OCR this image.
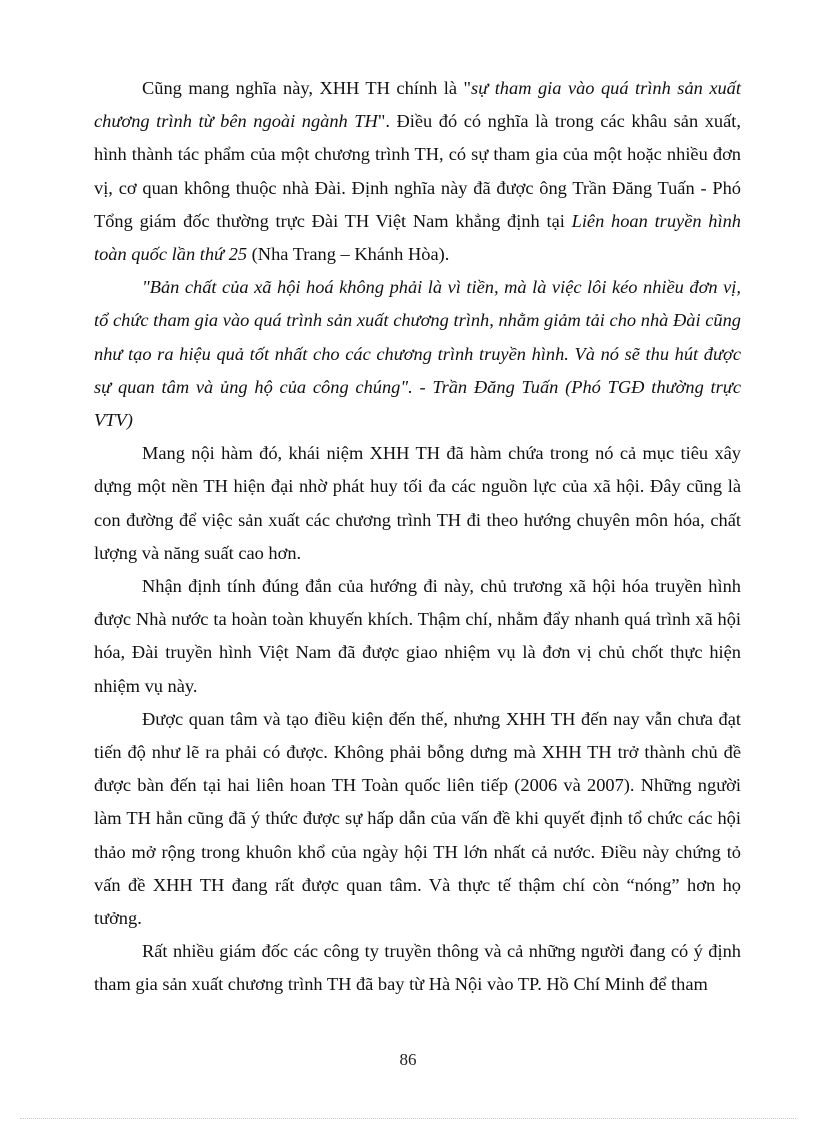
Cũng mang nghĩa này, XHH TH chính là "sự tham gia vào quá trình sản xuất chương trình từ bên ngoài ngành TH". Điều đó có nghĩa là trong các khâu sản xuất, hình thành tác phẩm của một chương trình TH, có sự tham gia của một hoặc nhiều đơn vị, cơ quan không thuộc nhà Đài. Định nghĩa này đã được ông Trần Đăng Tuấn - Phó Tổng giám đốc thường trực Đài TH Việt Nam khẳng định tại Liên hoan truyền hình toàn quốc lần thứ 25 (Nha Trang – Khánh Hòa).

"Bản chất của xã hội hoá không phải là vì tiền, mà là việc lôi kéo nhiều đơn vị, tổ chức tham gia vào quá trình sản xuất chương trình, nhằm giảm tải cho nhà Đài cũng như tạo ra hiệu quả tốt nhất cho các chương trình truyền hình. Và nó sẽ thu hút được sự quan tâm và ủng hộ của công chúng". - Trần Đăng Tuấn (Phó TGĐ thường trực VTV)

Mang nội hàm đó, khái niệm XHH TH đã hàm chứa trong nó cả mục tiêu xây dựng một nền TH hiện đại nhờ phát huy tối đa các nguồn lực của xã hội. Đây cũng là con đường để việc sản xuất các chương trình TH đi theo hướng chuyên môn hóa, chất lượng và năng suất cao hơn.

Nhận định tính đúng đắn của hướng đi này, chủ trương xã hội hóa truyền hình được Nhà nước ta hoàn toàn khuyến khích. Thậm chí, nhằm đẩy nhanh quá trình xã hội hóa, Đài truyền hình Việt Nam đã được giao nhiệm vụ là đơn vị chủ chốt thực hiện nhiệm vụ này.

Được quan tâm và tạo điều kiện đến thế, nhưng XHH TH đến nay vẫn chưa đạt tiến độ như lẽ ra phải có được. Không phải bỗng dưng mà XHH TH trở thành chủ đề được bàn đến tại hai liên hoan TH Toàn quốc liên tiếp (2006 và 2007). Những người làm TH hẳn cũng đã ý thức được sự hấp dẫn của vấn đề khi quyết định tổ chức các hội thảo mở rộng trong khuôn khổ của ngày hội TH lớn nhất cả nước. Điều này chứng tỏ vấn đề XHH TH đang rất được quan tâm. Và thực tế thậm chí còn “nóng” hơn họ tưởng.

Rất nhiều giám đốc các công ty truyền thông và cả những người đang có ý định tham gia sản xuất chương trình TH đã bay từ Hà Nội vào TP. Hồ Chí Minh để tham

86
